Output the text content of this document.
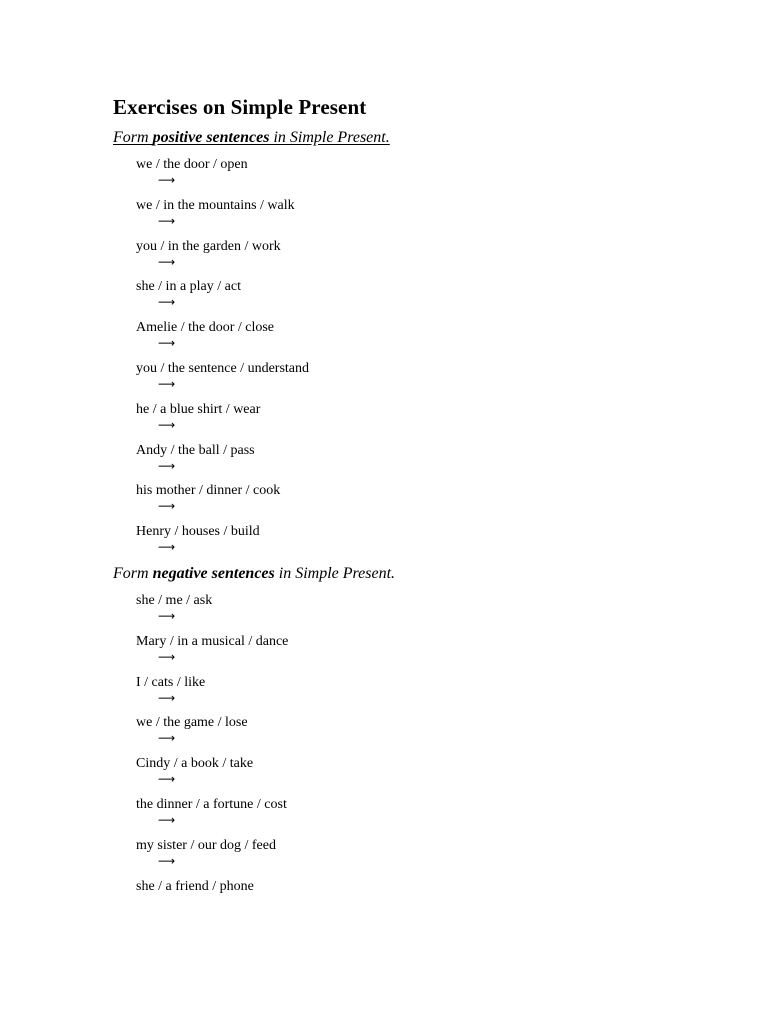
Exercises on Simple Present

Form positive sentences in Simple Present.

we / the door / open
⟶
we / in the mountains / walk
⟶
you / in the garden / work
⟶
she / in a play / act
⟶
Amelie / the door / close
⟶
you / the sentence / understand
⟶
he / a blue shirt / wear
⟶
Andy / the ball / pass
⟶
his mother / dinner / cook
⟶
Henry / houses / build
⟶

Form negative sentences in Simple Present.

she / me / ask
⟶
Mary / in a musical / dance
⟶
I / cats / like
⟶
we / the game / lose
⟶
Cindy / a book / take
⟶
the dinner / a fortune / cost
⟶
my sister / our dog / feed
⟶
she / a friend / phone
